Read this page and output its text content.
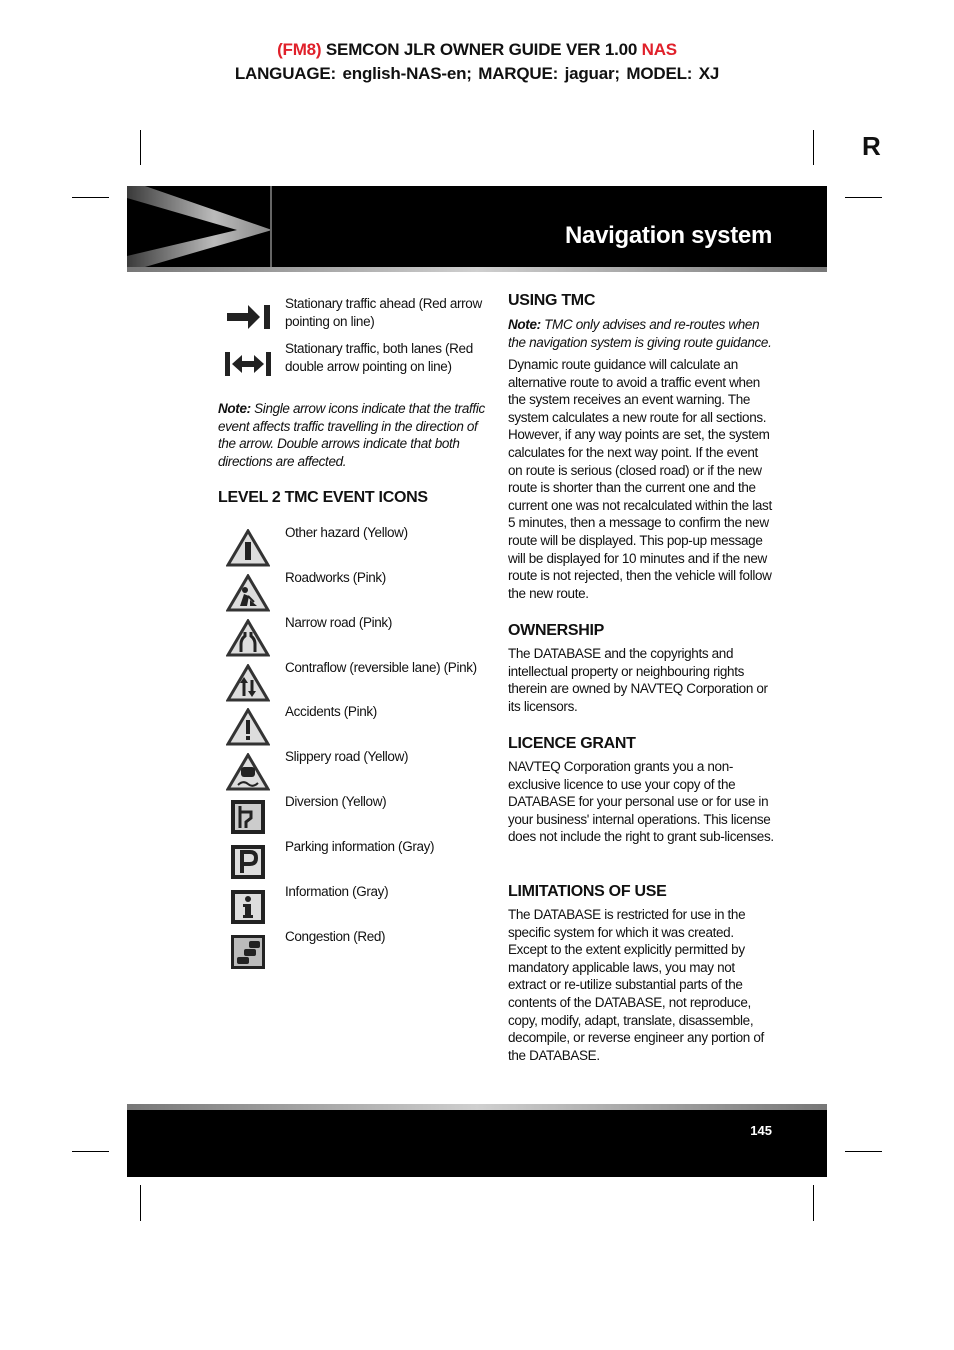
(FM8) SEMCON JLR OWNER GUIDE VER 1.00 NAS
LANGUAGE: english-NAS-en; MARQUE: jaguar; MODEL: XJ
R
Navigation system
Stationary traffic ahead (Red arrow pointing on line)
Stationary traffic, both lanes (Red double arrow pointing on line)
Note: Single arrow icons indicate that the traffic event affects traffic travelling in the direction of the arrow. Double arrows indicate that both directions are affected.
LEVEL 2 TMC EVENT ICONS
Other hazard (Yellow)
Roadworks (Pink)
Narrow road (Pink)
Contraflow (reversible lane) (Pink)
Accidents (Pink)
Slippery road (Yellow)
Diversion (Yellow)
Parking information (Gray)
Information (Gray)
Congestion (Red)
USING TMC
Note: TMC only advises and re-routes when the navigation system is giving route guidance.
Dynamic route guidance will calculate an alternative route to avoid a traffic event when the system receives an event warning. The system calculates a new route for all sections. However, if any way points are set, the system calculates for the next way point. If the event on route is serious (closed road) or if the new route is shorter than the current one and the current one was not recalculated within the last 5 minutes, then a message to confirm the new route will be displayed. This pop-up message will be displayed for 10 minutes and if the new route is not rejected, then the vehicle will follow the new route.
OWNERSHIP
The DATABASE and the copyrights and intellectual property or neighbouring rights therein are owned by NAVTEQ Corporation or its licensors.
LICENCE GRANT
NAVTEQ Corporation grants you a non-exclusive licence to use your copy of the DATABASE for your personal use or for use in your business' internal operations. This license does not include the right to grant sub-licenses.
LIMITATIONS OF USE
The DATABASE is restricted for use in the specific system for which it was created. Except to the extent explicitly permitted by mandatory applicable laws, you may not extract or re-utilize substantial parts of the contents of the DATABASE, not reproduce, copy, modify, adapt, translate, disassemble, decompile, or reverse engineer any portion of the DATABASE.
145
